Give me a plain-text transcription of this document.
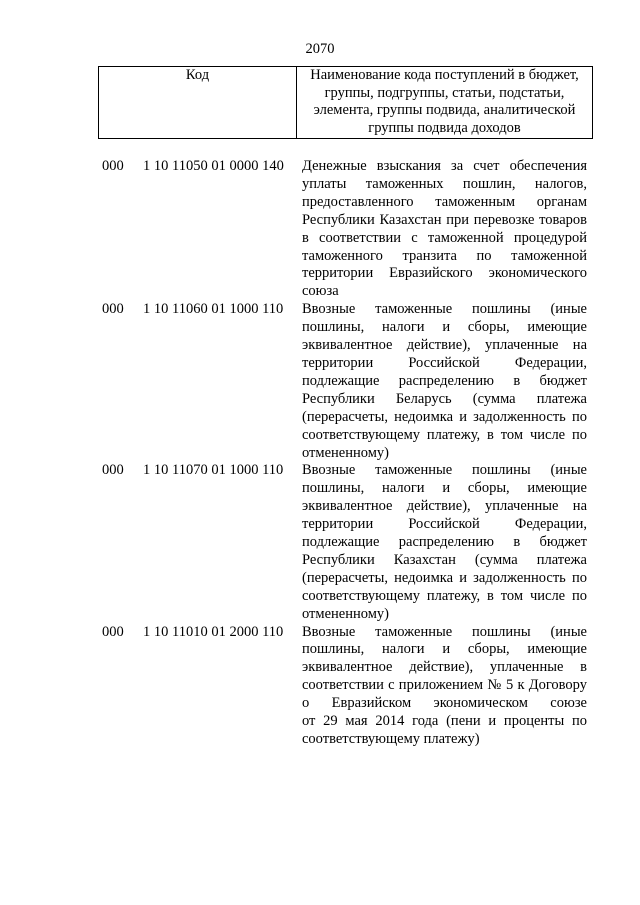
2070
Код	Наименование кода поступлений в бюджет,
группы, подгруппы, статьи, подстатьи,
элемента, группы подвида, аналитической
группы подвида доходов
000 1 10 11050 01 0000 140 Денежные взыскания за счет обеспечения
уплаты таможенных пошлин, налогов,
предоставленного таможенным органам
Республики Казахстан при перевозке товаров
в соответствии с таможенной процедурой
таможенного транзита по таможенной
территории Евразийского экономического
союза
000 1 10 11060 01 1000 110 Ввозные таможенные пошлины (иные
пошлины, налоги и сборы, имеющие
эквивалентное действие), уплаченные на
территории Российской Федерации,
подлежащие распределению в бюджет
Республики Беларусь (сумма платежа
(перерасчеты, недоимка и задолженность по
соответствующему платежу, в том числе по
отмененному)
000 1 10 11070 01 1000 110 Ввозные таможенные пошлины (иные
пошлины, налоги и сборы, имеющие
эквивалентное действие), уплаченные на
территории Российской Федерации,
подлежащие распределению в бюджет
Республики Казахстан (сумма платежа
(перерасчеты, недоимка и задолженность по
соответствующему платежу, в том числе по
отмененному)
000 1 10 11010 01 2000 110 Ввозные таможенные пошлины (иные
пошлины, налоги и сборы, имеющие
эквивалентное действие), уплаченные в
соответствии с приложением № 5 к Договору
о Евразийском экономическом союзе
от 29 мая 2014 года (пени и проценты по
соответствующему платежу)
